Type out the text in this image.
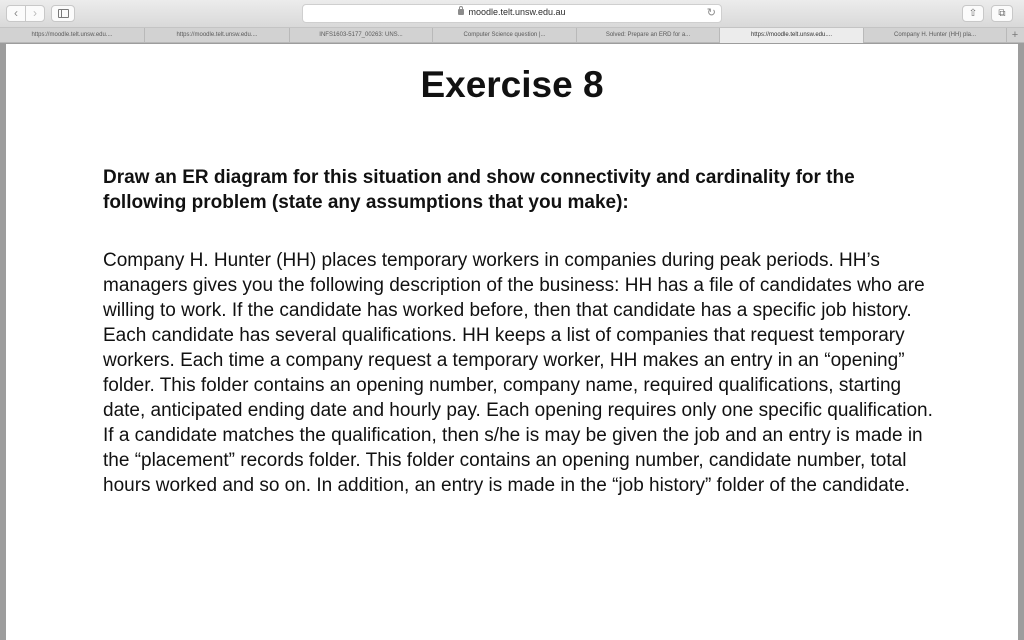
‹	›	moodle.telt.unsw.edu.au	↻	⇧	⧉
https://moodle.telt.unsw.edu....	https://moodle.telt.unsw.edu....	INFS1603-5177_00263: UNS...	Computer Science question |...	Solved: Prepare an ERD for a...	https://moodle.telt.unsw.edu....	Company H. Hunter (HH) pla...	+
Exercise 8
Draw an ER diagram for this situation and show connectivity and cardinality for the following problem (state any assumptions that you make):
Company H. Hunter (HH) places temporary workers in companies during peak periods. HH’s managers gives you the following description of the business: HH has a file of candidates who are willing to work. If the candidate has worked before, then that candidate has a specific job history. Each candidate has several qualifications. HH keeps a list of companies that request temporary workers. Each time a company request a temporary worker, HH makes an entry in an “opening” folder. This folder contains an opening number, company name, required qualifications, starting date, anticipated ending date and hourly pay. Each opening requires only one specific qualification. If a candidate matches the qualification, then s/he is may be given the job and an entry is made in the “placement” records folder. This folder contains an opening number, candidate number, total hours worked and so on. In addition, an entry is made in the “job history” folder of the candidate.
